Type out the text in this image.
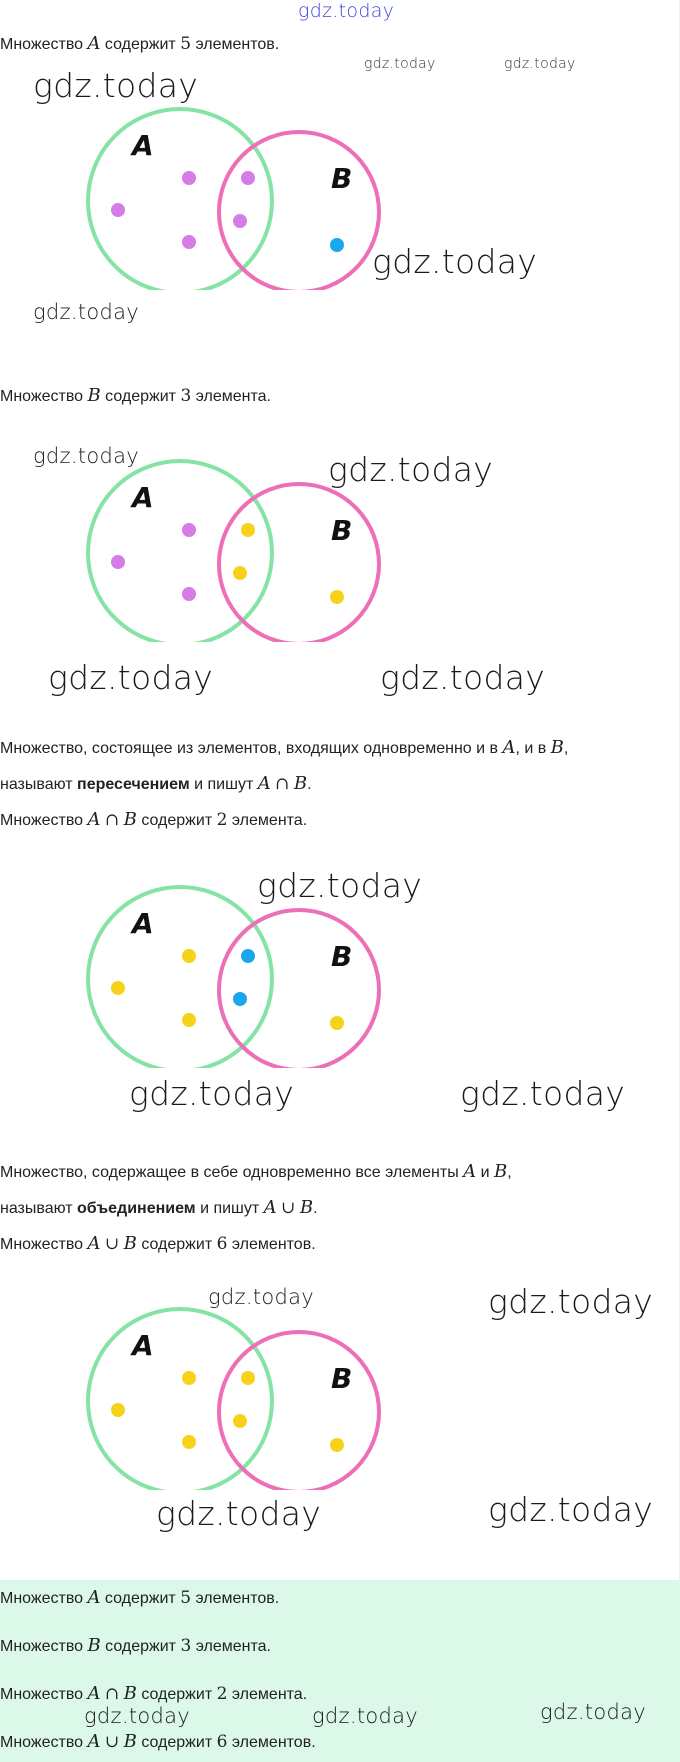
gdz.today
Множество A содержит 5 элементов.
gdz.today	gdz.today
gdz.today
A
B
gdz.today
gdz.today
Множество B содержит 3 элемента.
gdz.today	gdz.today
A
B
gdz.today	gdz.today
Множество, состоящее из элементов, входящих одновременно и в A, и в B,
называют пересечением и пишут A ∩ B.
Множество A ∩ B содержит 2 элемента.
gdz.today
A
B
gdz.today	gdz.today
Множество, содержащее в себе одновременно все элементы A и B,
называют объединением и пишут A ∪ B.
Множество A ∪ B содержит 6 элементов.
gdz.today	gdz.today
A
B
gdz.today	gdz.today
Множество A содержит 5 элементов.
Множество B содержит 3 элемента.
Множество A ∩ B содержит 2 элемента.
gdz.today	gdz.today	gdz.today
Множество A ∪ B содержит 6 элементов.
